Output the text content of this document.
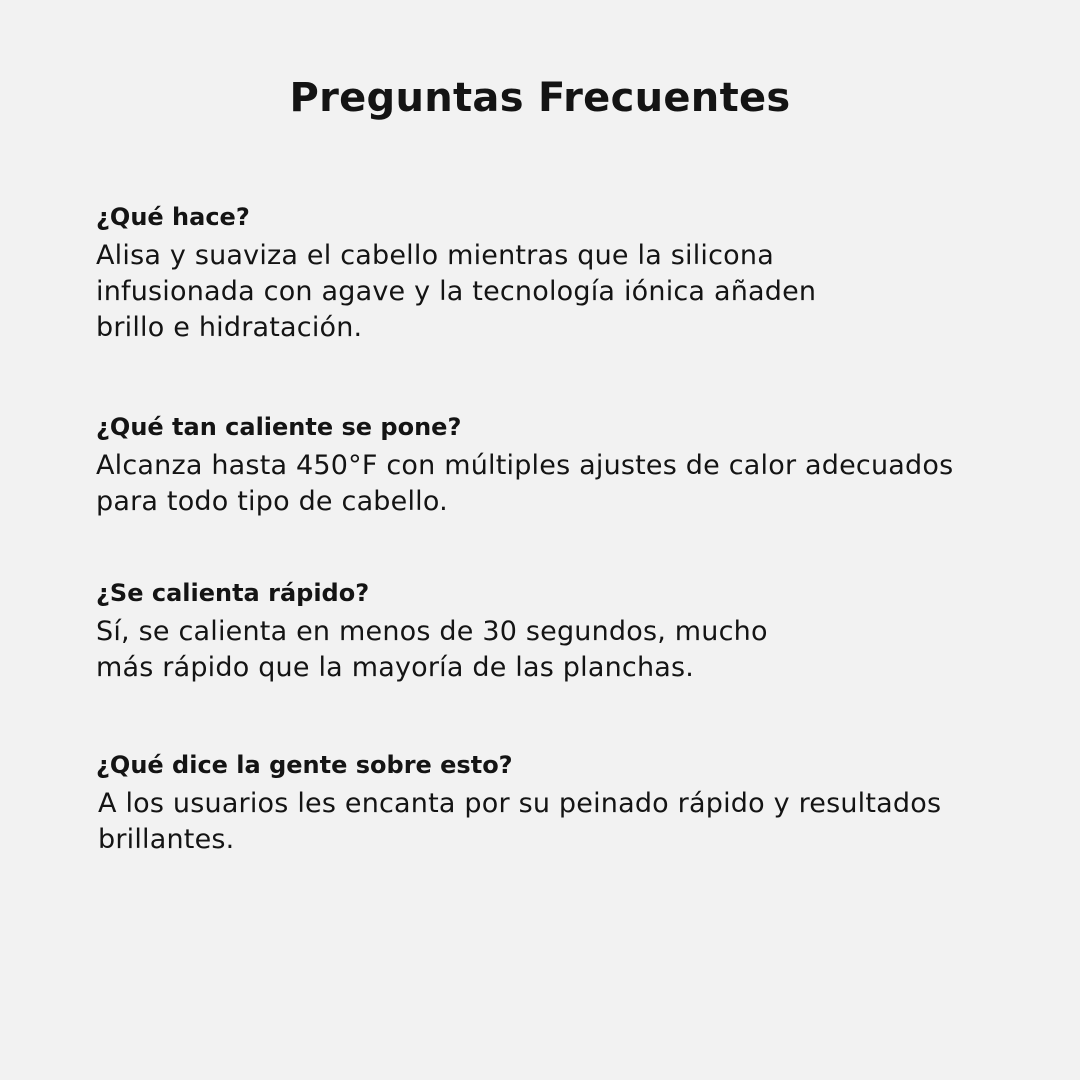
Preguntas Frecuentes
¿Qué hace?

Alisa y suaviza el cabello mientras que la silicona
infusionada con agave y la tecnología iónica añaden
brillo e hidratación.

¿Qué tan caliente se pone?

Alcanza hasta 450°F con múltiples ajustes de calor adecuados
para todo tipo de cabello.

¿Se calienta rápido?

Sí, se calienta en menos de 30 segundos, mucho
más rápido que la mayoría de las planchas.

¿Qué dice la gente sobre esto?

A los usuarios les encanta por su peinado rápido y resultados
brillantes.
